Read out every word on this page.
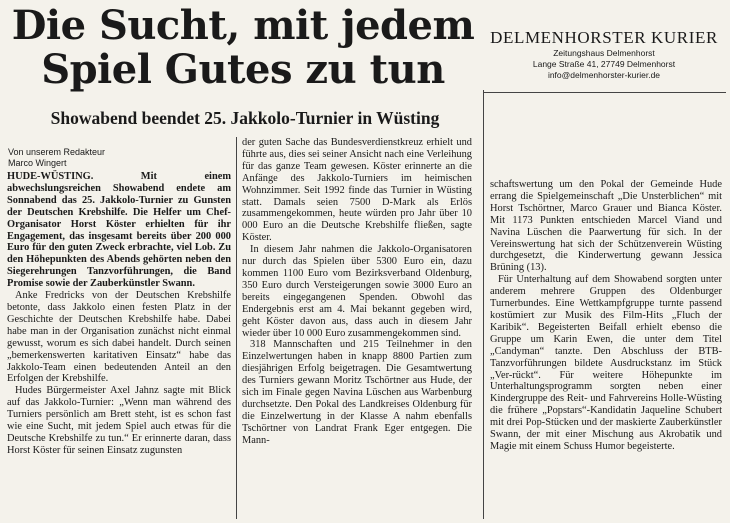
Die Sucht, mit jedem
Spiel Gutes zu tun
Showabend beendet 25. Jakkolo-Turnier in Wüsting
DELMENHORSTER KURIER
Zeitungshaus Delmenhorst
Lange Straße 41, 27749 Delmenhorst
info@delmenhorster-kurier.de
Von unserem Redakteur
Marco Wingert

HUDE-WÜSTING. Mit einem abwechslungsreichen Showabend endete am Sonnabend das 25. Jakkolo-Turnier zu Gunsten der Deutschen Krebshilfe. Die Helfer um Chef-Organisator Horst Köster erhielten für ihr Engagement, das insgesamt bereits über 200 000 Euro für den guten Zweck erbrachte, viel Lob. Zu den Höhepunkten des Abends gehörten neben den Siegerehrungen Tanzvorführungen, die Band Promise sowie der Zauberkünstler Swann.

Anke Fredricks von der Deutschen Krebshilfe betonte, dass Jakkolo einen festen Platz in der Geschichte der Deutschen Krebshilfe habe. Dabei habe man in der Organisation zunächst nicht einmal gewusst, worum es sich dabei handelt. Durch seinen „bemerkenswerten karitativen Einsatz“ habe das Jakkolo-Team einen bedeutenden Anteil an den Erfolgen der Krebshilfe.

Hudes Bürgermeister Axel Jahnz sagte mit Blick auf das Jakkolo-Turnier: „Wenn man während des Turniers persönlich am Brett steht, ist es schon fast wie eine Sucht, mit jedem Spiel auch etwas für die Deutsche Krebshilfe zu tun.“ Er erinnerte daran, dass Horst Köster für seinen Einsatz zugunsten

der guten Sache das Bundesverdienstkreuz erhielt und führte aus, dies sei seiner Ansicht nach eine Verleihung für das ganze Team gewesen. Köster erinnerte an die Anfänge des Jakkolo-Turniers im heimischen Wohnzimmer. Seit 1992 finde das Turnier in Wüsting statt. Damals seien 7500 D-Mark als Erlös zusammengekommen, heute würden pro Jahr über 10 000 Euro an die Deutsche Krebshilfe fließen, sagte Köster.

In diesem Jahr nahmen die Jakkolo-Organisatoren nur durch das Spielen über 5300 Euro ein, dazu kommen 1100 Euro vom Bezirksverband Oldenburg, 350 Euro durch Versteigerungen sowie 3000 Euro an bereits eingegangenen Spenden. Obwohl das Endergebnis erst am 4. Mai bekannt gegeben wird, geht Köster davon aus, dass auch in diesem Jahr wieder über 10 000 Euro zusammengekommen sind.

318 Mannschaften und 215 Teilnehmer in den Einzelwertungen haben in knapp 8800 Partien zum diesjährigen Erfolg beigetragen. Die Gesamtwertung des Turniers gewann Moritz Tschörtner aus Hude, der sich im Finale gegen Navina Lüschen aus Warbenburg durchsetzte. Den Pokal des Landkreises Oldenburg für die Einzelwertung in der Klasse A nahm ebenfalls Tschörtner von Landrat Frank Eger entgegen. Die Mann-

schaftswertung um den Pokal der Gemeinde Hude errang die Spielgemeinschaft „Die Unsterblichen“ mit Horst Tschörtner, Marco Grauer und Bianca Köster. Mit 1173 Punkten entschieden Marcel Viand und Navina Lüschen die Paarwertung für sich. In der Vereinswertung hat sich der Schützenverein Wüsting durchgesetzt, die Kinderwertung gewann Jessica Brüning (13).

Für Unterhaltung auf dem Showabend sorgten unter anderem mehrere Gruppen des Oldenburger Turnerbundes. Eine Wettkampfgruppe turnte passend kostümiert zur Musik des Film-Hits „Fluch der Karibik“. Begeisterten Beifall erhielt ebenso die Gruppe um Karin Ewen, die unter dem Titel „Candyman“ tanzte. Den Abschluss der BTB-Tanzvorführungen bildete Ausdruckstanz im Stück „Ver-rückt“. Für weitere Höhepunkte im Unterhaltungsprogramm sorgten neben einer Kindergruppe des Reit- und Fahrvereins Holle-Wüsting die frühere „Popstars“-Kandidatin Jaqueline Schubert mit drei Pop-Stücken und der maskierte Zauberkünstler Swann, der mit einer Mischung aus Akrobatik und Magie mit einem Schuss Humor begeisterte.
